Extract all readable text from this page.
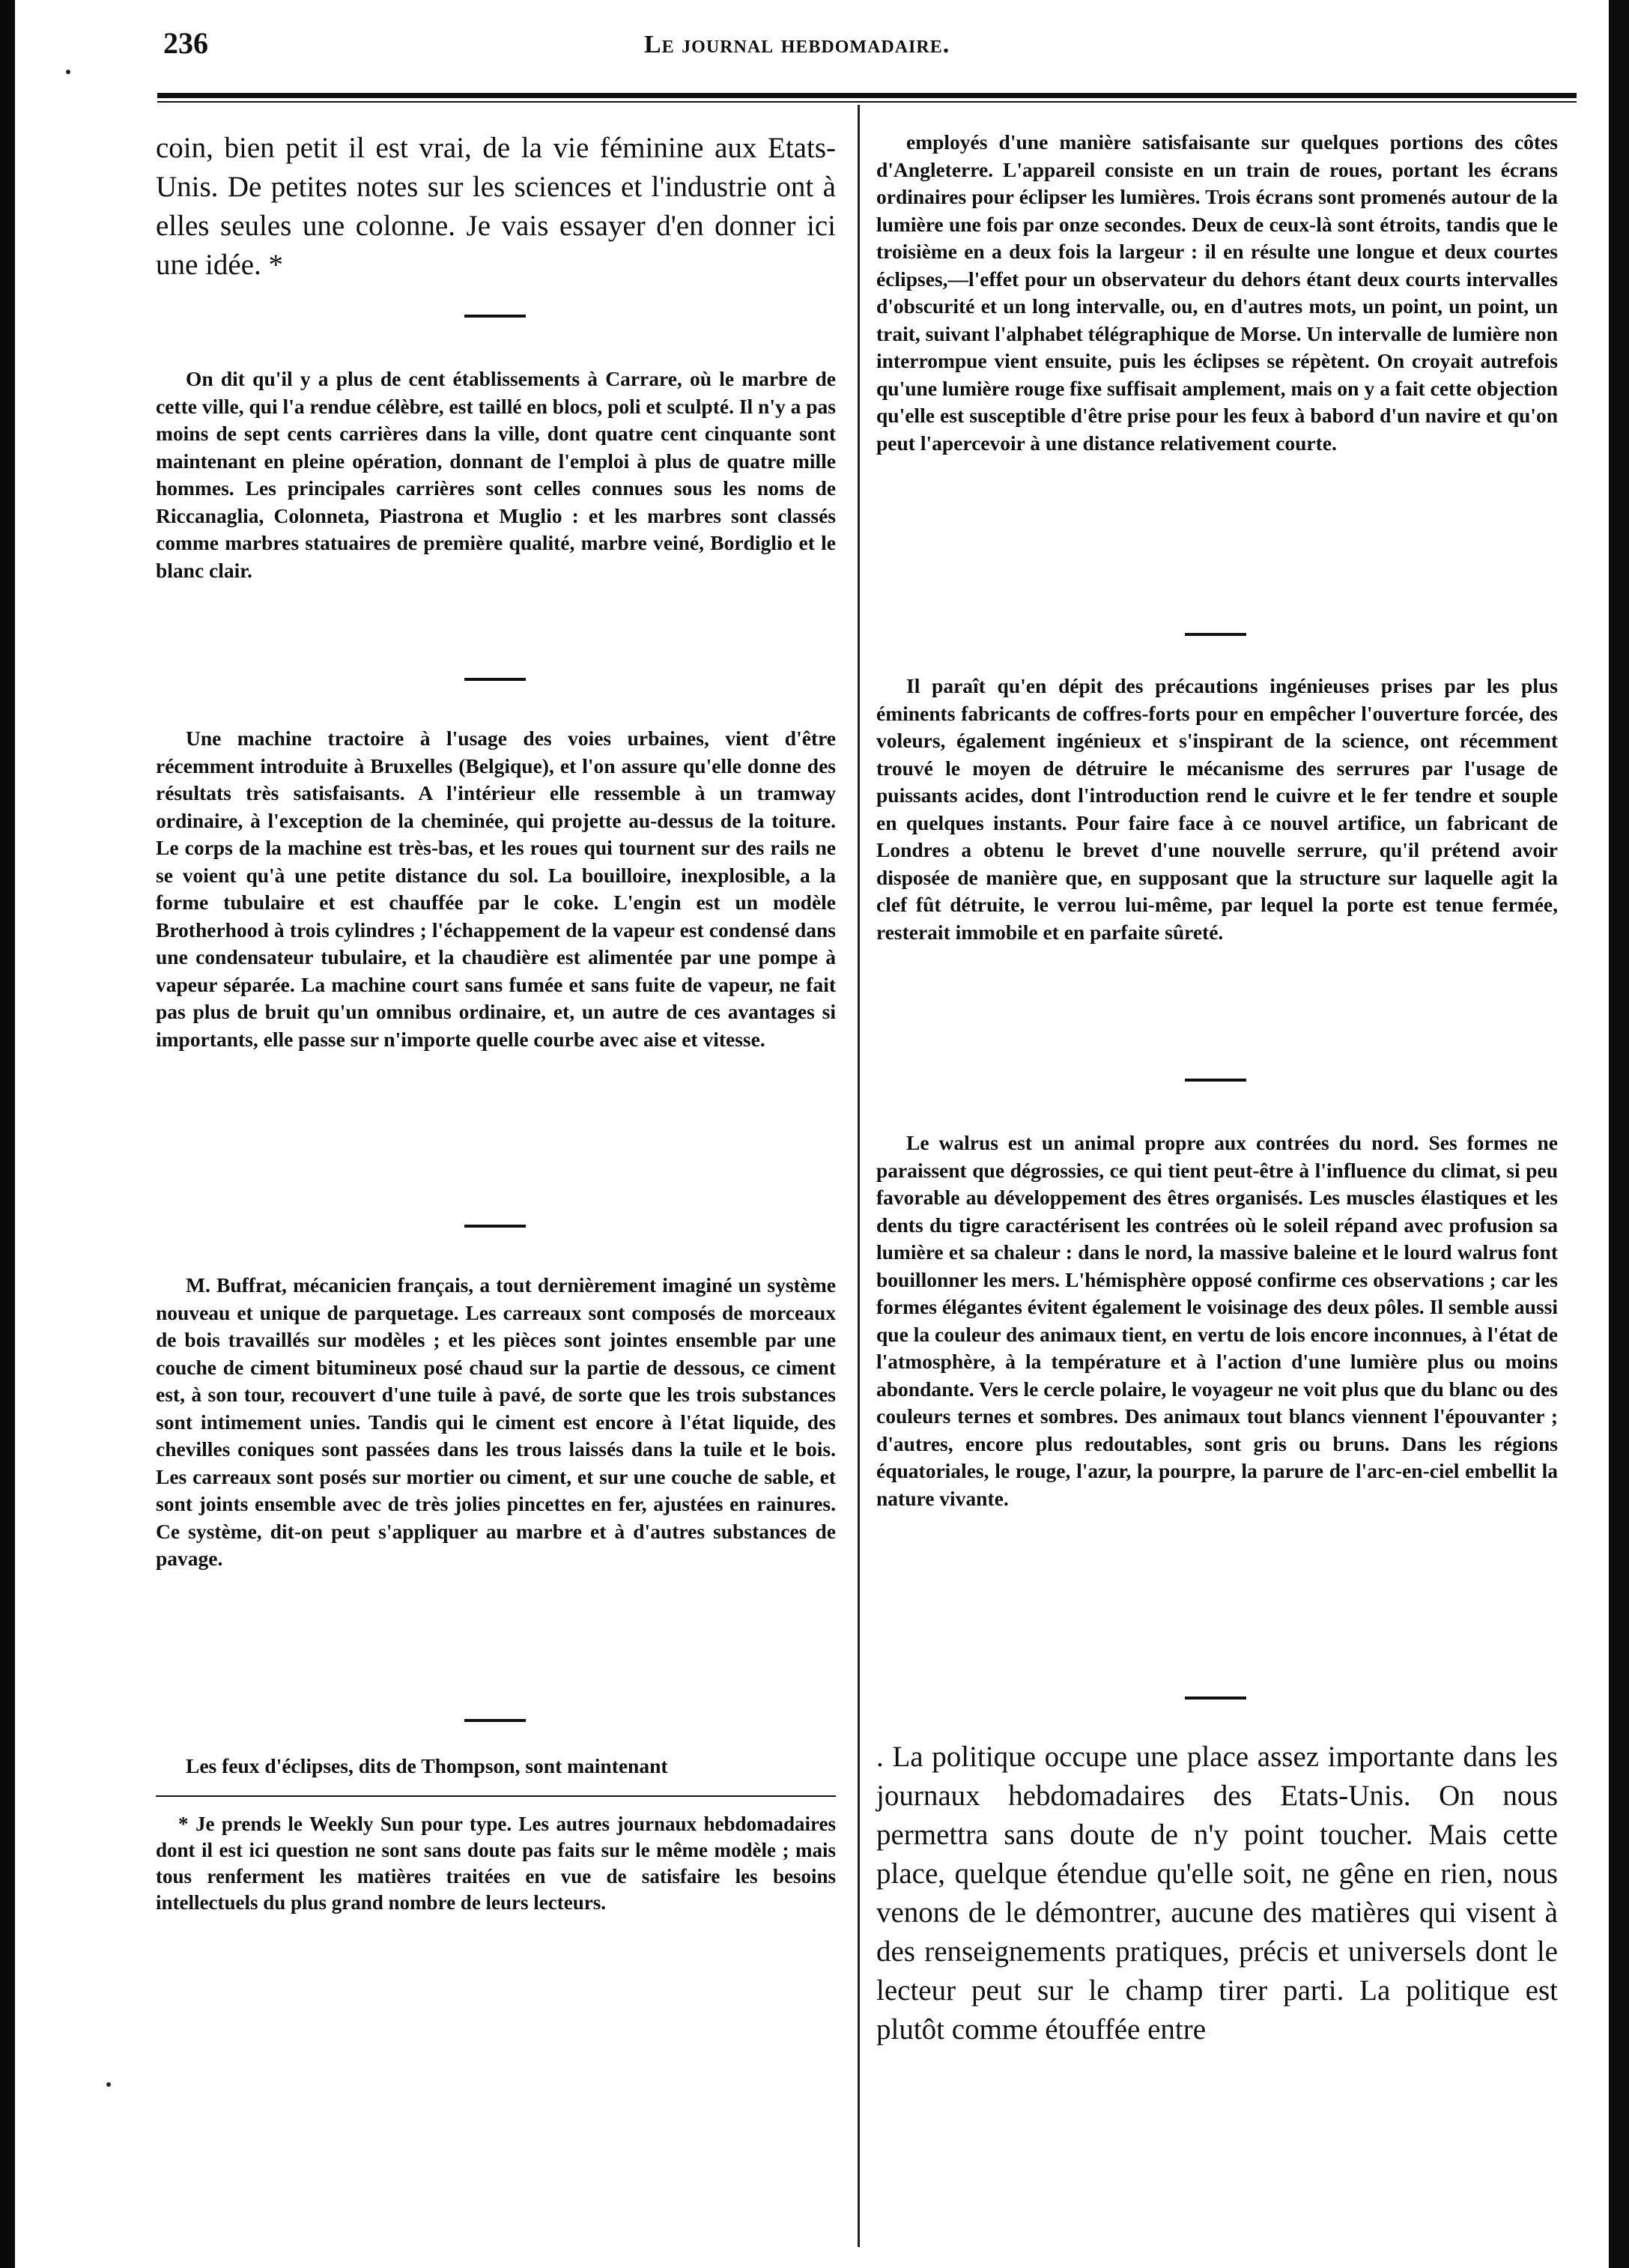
236	Le journal hebdomadaire.

coin, bien petit il est vrai, de la vie féminine aux Etats-Unis. De petites notes sur les sciences et l'industrie ont à elles seules une colonne. Je vais essayer d'en donner ici une idée. *

On dit qu'il y a plus de cent établissements à Carrare, où le marbre de cette ville, qui l'a rendue célèbre, est taillé en blocs, poli et sculpté. Il n'y a pas moins de sept cents carrières dans la ville, dont quatre cent cinquante sont maintenant en pleine opération, donnant de l'emploi à plus de quatre mille hommes. Les principales carrières sont celles connues sous les noms de Riccanaglia, Colonneta, Piastrona et Muglio : et les marbres sont classés comme marbres statuaires de première qualité, marbre veiné, Bordiglio et le blanc clair.

Une machine tractoire à l'usage des voies urbaines, vient d'être récemment introduite à Bruxelles (Belgique), et l'on assure qu'elle donne des résultats très satisfaisants. A l'intérieur elle ressemble à un tramway ordinaire, à l'exception de la cheminée, qui projette au-dessus de la toiture. Le corps de la machine est très-bas, et les roues qui tournent sur des rails ne se voient qu'à une petite distance du sol. La bouilloire, inexplosible, a la forme tubulaire et est chauffée par le coke. L'engin est un modèle Brotherhood à trois cylindres ; l'échappement de la vapeur est condensé dans une condensateur tubulaire, et la chaudière est alimentée par une pompe à vapeur séparée. La machine court sans fumée et sans fuite de vapeur, ne fait pas plus de bruit qu'un omnibus ordinaire, et, un autre de ces avantages si importants, elle passe sur n'importe quelle courbe avec aise et vitesse.

M. Buffrat, mécanicien français, a tout dernièrement imaginé un système nouveau et unique de parquetage. Les carreaux sont composés de morceaux de bois travaillés sur modèles ; et les pièces sont jointes ensemble par une couche de ciment bitumineux posé chaud sur la partie de dessous, ce ciment est, à son tour, recouvert d'une tuile à pavé, de sorte que les trois substances sont intimement unies. Tandis qui le ciment est encore à l'état liquide, des chevilles coniques sont passées dans les trous laissés dans la tuile et le bois. Les carreaux sont posés sur mortier ou ciment, et sur une couche de sable, et sont joints ensemble avec de très jolies pincettes en fer, ajustées en rainures. Ce système, dit-on peut s'appliquer au marbre et à d'autres substances de pavage.

Les feux d'éclipses, dits de Thompson, sont maintenant

* Je prends le Weekly Sun pour type. Les autres journaux hebdomadaires dont il est ici question ne sont sans doute pas faits sur le même modèle ; mais tous renferment les matières traitées en vue de satisfaire les besoins intellectuels du plus grand nombre de leurs lecteurs.

employés d'une manière satisfaisante sur quelques portions des côtes d'Angleterre. L'appareil consiste en un train de roues, portant les écrans ordinaires pour éclipser les lumières. Trois écrans sont promenés autour de la lumière une fois par onze secondes. Deux de ceux-là sont étroits, tandis que le troisième en a deux fois la largeur : il en résulte une longue et deux courtes éclipses,—l'effet pour un observateur du dehors étant deux courts intervalles d'obscurité et un long intervalle, ou, en d'autres mots, un point, un point, un trait, suivant l'alphabet télégraphique de Morse. Un intervalle de lumière non interrompue vient ensuite, puis les éclipses se répètent. On croyait autrefois qu'une lumière rouge fixe suffisait amplement, mais on y a fait cette objection qu'elle est susceptible d'être prise pour les feux à babord d'un navire et qu'on peut l'apercevoir à une distance relativement courte.

Il paraît qu'en dépit des précautions ingénieuses prises par les plus éminents fabricants de coffres-forts pour en empêcher l'ouverture forcée, des voleurs, également ingénieux et s'inspirant de la science, ont récemment trouvé le moyen de détruire le mécanisme des serrures par l'usage de puissants acides, dont l'introduction rend le cuivre et le fer tendre et souple en quelques instants. Pour faire face à ce nouvel artifice, un fabricant de Londres a obtenu le brevet d'une nouvelle serrure, qu'il prétend avoir disposée de manière que, en supposant que la structure sur laquelle agit la clef fût détruite, le verrou lui-même, par lequel la porte est tenue fermée, resterait immobile et en parfaite sûreté.

Le walrus est un animal propre aux contrées du nord. Ses formes ne paraissent que dégrossies, ce qui tient peut-être à l'influence du climat, si peu favorable au développement des êtres organisés. Les muscles élastiques et les dents du tigre caractérisent les contrées où le soleil répand avec profusion sa lumière et sa chaleur : dans le nord, la massive baleine et le lourd walrus font bouillonner les mers. L'hémisphère opposé confirme ces observations ; car les formes élégantes évitent également le voisinage des deux pôles. Il semble aussi que la couleur des animaux tient, en vertu de lois encore inconnues, à l'état de l'atmosphère, à la température et à l'action d'une lumière plus ou moins abondante. Vers le cercle polaire, le voyageur ne voit plus que du blanc ou des couleurs ternes et sombres. Des animaux tout blancs viennent l'épouvanter ; d'autres, encore plus redoutables, sont gris ou bruns. Dans les régions équatoriales, le rouge, l'azur, la pourpre, la parure de l'arc-en-ciel embellit la nature vivante.

. La politique occupe une place assez importante dans les journaux hebdomadaires des Etats-Unis. On nous permettra sans doute de n'y point toucher. Mais cette place, quelque étendue qu'elle soit, ne gêne en rien, nous venons de le démontrer, aucune des matières qui visent à des renseignements pratiques, précis et universels dont le lecteur peut sur le champ tirer parti. La politique est plutôt comme étouffée entre
